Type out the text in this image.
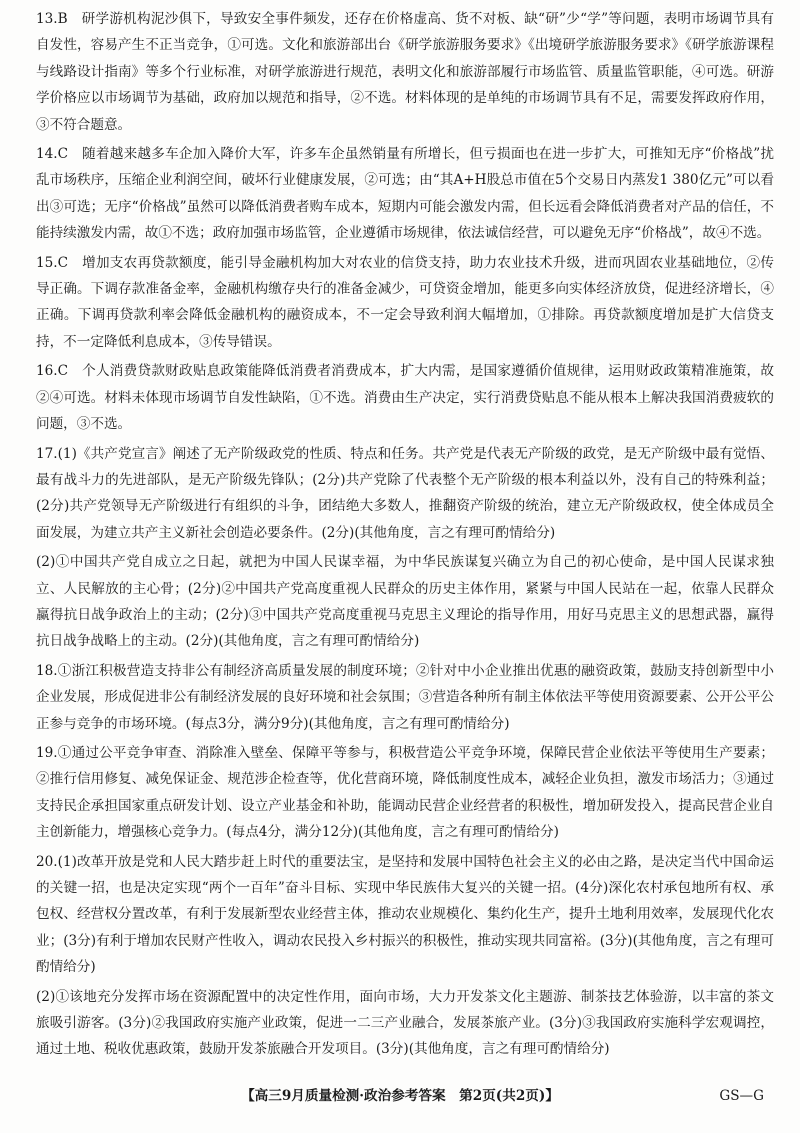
13.B　研学游机构泥沙俱下，导致安全事件频发，还存在价格虚高、货不对板、缺“研”少“学”等问题，表明市场调节具有自发性，容易产生不正当竞争，①可选。文化和旅游部出台《研学旅游服务要求》《出境研学旅游服务要求》《研学旅游课程与线路设计指南》等多个行业标准，对研学旅游进行规范，表明文化和旅游部履行市场监管、质量监管职能，④可选。研游学价格应以市场调节为基础，政府加以规范和指导，②不选。材料体现的是单纯的市场调节具有不足，需要发挥政府作用，③不符合题意。

14.C　随着越来越多车企加入降价大军，许多车企虽然销量有所增长，但亏损面也在进一步扩大，可推知无序“价格战”扰乱市场秩序，压缩企业利润空间，破坏行业健康发展，②可选；由“其A+H股总市值在5个交易日内蒸发1 380亿元”可以看出③可选；无序“价格战”虽然可以降低消费者购车成本，短期内可能会激发内需，但长远看会降低消费者对产品的信任，不能持续激发内需，故①不选；政府加强市场监管，企业遵循市场规律，依法诚信经营，可以避免无序“价格战”，故④不选。

15.C　增加支农再贷款额度，能引导金融机构加大对农业的信贷支持，助力农业技术升级，进而巩固农业基础地位，②传导正确。下调存款准备金率，金融机构缴存央行的准备金减少，可贷资金增加，能更多向实体经济放贷，促进经济增长，④正确。下调再贷款利率会降低金融机构的融资成本，不一定会导致利润大幅增加，①排除。再贷款额度增加是扩大信贷支持，不一定降低利息成本，③传导错误。

16.C　个人消费贷款财政贴息政策能降低消费者消费成本，扩大内需，是国家遵循价值规律，运用财政政策精准施策，故②④可选。材料未体现市场调节自发性缺陷，①不选。消费由生产决定，实行消费贷贴息不能从根本上解决我国消费疲软的问题，③不选。

17.(1)《共产党宣言》阐述了无产阶级政党的性质、特点和任务。共产党是代表无产阶级的政党，是无产阶级中最有觉悟、最有战斗力的先进部队，是无产阶级先锋队；(2分)共产党除了代表整个无产阶级的根本利益以外，没有自己的特殊利益；(2分)共产党领导无产阶级进行有组织的斗争，团结绝大多数人，推翻资产阶级的统治，建立无产阶级政权，使全体成员全面发展，为建立共产主义新社会创造必要条件。(2分)(其他角度，言之有理可酌情给分)

(2)①中国共产党自成立之日起，就把为中国人民谋幸福，为中华民族谋复兴确立为自己的初心使命，是中国人民谋求独立、人民解放的主心骨；(2分)②中国共产党高度重视人民群众的历史主体作用，紧紧与中国人民站在一起，依靠人民群众赢得抗日战争政治上的主动；(2分)③中国共产党高度重视马克思主义理论的指导作用，用好马克思主义的思想武器，赢得抗日战争战略上的主动。(2分)(其他角度，言之有理可酌情给分)

18.①浙江积极营造支持非公有制经济高质量发展的制度环境；②针对中小企业推出优惠的融资政策，鼓励支持创新型中小企业发展，形成促进非公有制经济发展的良好环境和社会氛围；③营造各种所有制主体依法平等使用资源要素、公开公平公正参与竞争的市场环境。(每点3分，满分9分)(其他角度，言之有理可酌情给分)

19.①通过公平竞争审查、消除准入壁垒、保障平等参与，积极营造公平竞争环境，保障民营企业依法平等使用生产要素；②推行信用修复、减免保证金、规范涉企检查等，优化营商环境，降低制度性成本，减轻企业负担，激发市场活力；③通过支持民企承担国家重点研发计划、设立产业基金和补助，能调动民营企业经营者的积极性，增加研发投入，提高民营企业自主创新能力，增强核心竞争力。(每点4分，满分12分)(其他角度，言之有理可酌情给分)

20.(1)改革开放是党和人民大踏步赶上时代的重要法宝，是坚持和发展中国特色社会主义的必由之路，是决定当代中国命运的关键一招，也是决定实现“两个一百年”奋斗目标、实现中华民族伟大复兴的关键一招。(4分)深化农村承包地所有权、承包权、经营权分置改革，有利于发展新型农业经营主体，推动农业规模化、集约化生产，提升土地利用效率，发展现代化农业；(3分)有利于增加农民财产性收入，调动农民投入乡村振兴的积极性，推动实现共同富裕。(3分)(其他角度，言之有理可酌情给分)

(2)①该地充分发挥市场在资源配置中的决定性作用，面向市场，大力开发茶文化主题游、制茶技艺体验游，以丰富的茶文旅吸引游客。(3分)②我国政府实施产业政策，促进一二三产业融合，发展茶旅产业。(3分)③我国政府实施科学宏观调控，通过土地、税收优惠政策，鼓励开发茶旅融合开发项目。(3分)(其他角度，言之有理可酌情给分)

【高三9月质量检测·政治参考答案　第2页(共2页)】	GS—G
